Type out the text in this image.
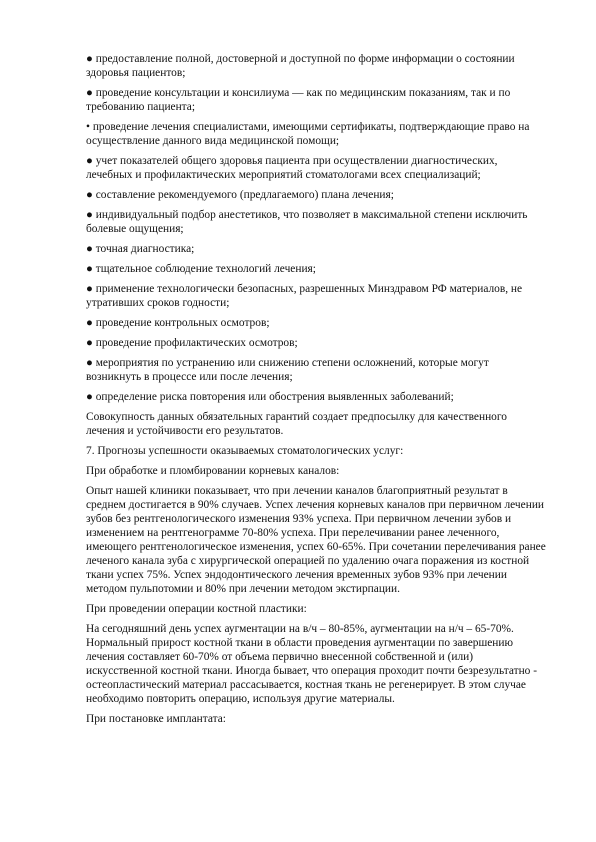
● предоставление полной, достоверной и доступной по форме информации о состоянии здоровья пациентов;

● проведение консультации и консилиума — как по медицинским показаниям, так и по требованию пациента;

• проведение лечения специалистами, имеющими сертификаты, подтверждающие право на осуществление данного вида медицинской помощи;

● учет показателей общего здоровья пациента при осуществлении диагностических, лечебных и профилактических мероприятий стоматологами всех специализаций;

● составление рекомендуемого (предлагаемого) плана лечения;

● индивидуальный подбор анестетиков, что позволяет в максимальной степени исключить болевые ощущения;

● точная диагностика;

● тщательное соблюдение технологий лечения;

● применение технологически безопасных, разрешенных Минздравом РФ материалов, не утративших сроков годности;

● проведение контрольных осмотров;

● проведение профилактических осмотров;

● мероприятия по устранению или снижению степени осложнений, которые могут возникнуть в процессе или после лечения;

● определение риска повторения или обострения выявленных заболеваний;

Совокупность данных обязательных гарантий создает предпосылку для качественного лечения и устойчивости его результатов.

7. Прогнозы успешности оказываемых стоматологических услуг:

При обработке и пломбировании корневых каналов:

Опыт нашей клиники показывает, что при лечении каналов благоприятный результат в среднем достигается в 90% случаев. Успех лечения корневых каналов при первичном лечении зубов без рентгенологического изменения 93% успеха. При первичном лечении зубов и изменением на рентгенограмме 70-80% успеха. При перелечивании ранее леченного, имеющего рентгенологическое изменения, успех 60-65%. При сочетании перелечивания ранее леченого канала зуба с хирургической операцией по удалению очага поражения из костной ткани успех 75%. Успех эндодонтического лечения временных зубов 93% при лечении методом пульпотомии и 80% при лечении методом экстирпации.

При проведении операции костной пластики:

На сегодняшний день успех аугментации на в/ч – 80-85%, аугментации на н/ч – 65-70%. Нормальный прирост костной ткани в области проведения аугментации по завершению лечения составляет 60-70% от объема первично внесенной собственной и (или) искусственной костной ткани. Иногда бывает, что операция проходит почти безрезультатно - остеопластический материал рассасывается, костная ткань не регенерирует. В этом случае необходимо повторить операцию, используя другие материалы.

При постановке имплантата:
